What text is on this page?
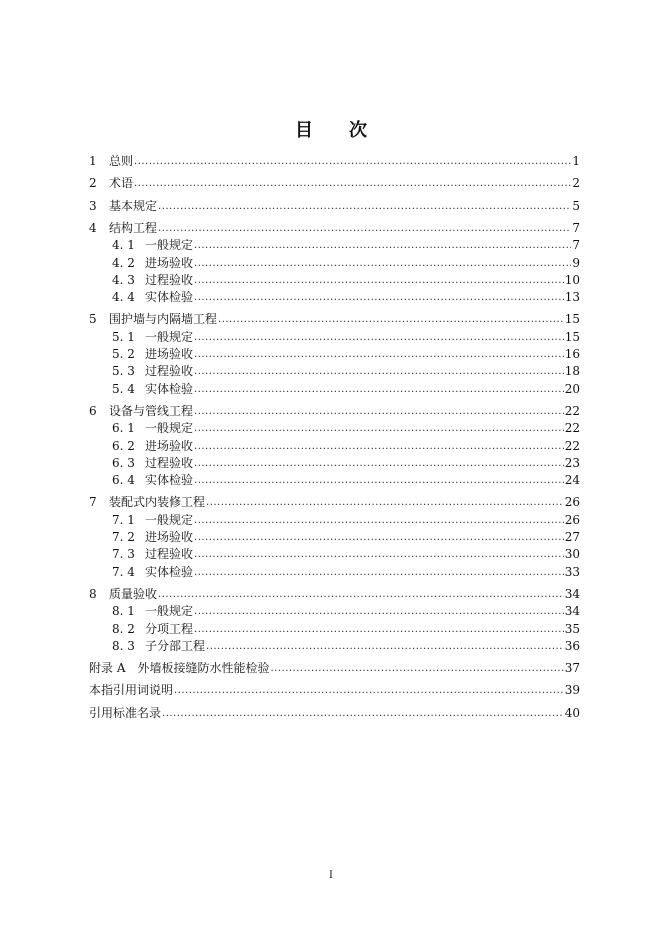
目 次
1	总则 .....	1
2	术语 .....	2
3	基本规定 .....	5
4	结构工程 .....	7
4. 1 一般规定 .....	7
4. 2 进场验收 .....	9
4. 3 过程验收 .....	10
4. 4 实体检验 .....	13
5	围护墙与内隔墙工程 .....	15
5. 1 一般规定 .....	15
5. 2 进场验收 .....	16
5. 3 过程验收 .....	18
5. 4 实体检验 .....	20
6	设备与管线工程 .....	22
6. 1 一般规定 .....	22
6. 2 进场验收 .....	22
6. 3 过程验收 .....	23
6. 4 实体检验 .....	24
7	装配式内装修工程 .....	26
7. 1 一般规定 .....	26
7. 2 进场验收 .....	27
7. 3 过程验收 .....	30
7. 4 实体检验 .....	33
8	质量验收 .....	34
8. 1 一般规定 .....	34
8. 2 分项工程 .....	35
8. 3 子分部工程 .....	36
附录 A　外墙板接缝防水性能检验 .....	37
本指引用词说明 .....	39
引用标准名录 .....	40
I
